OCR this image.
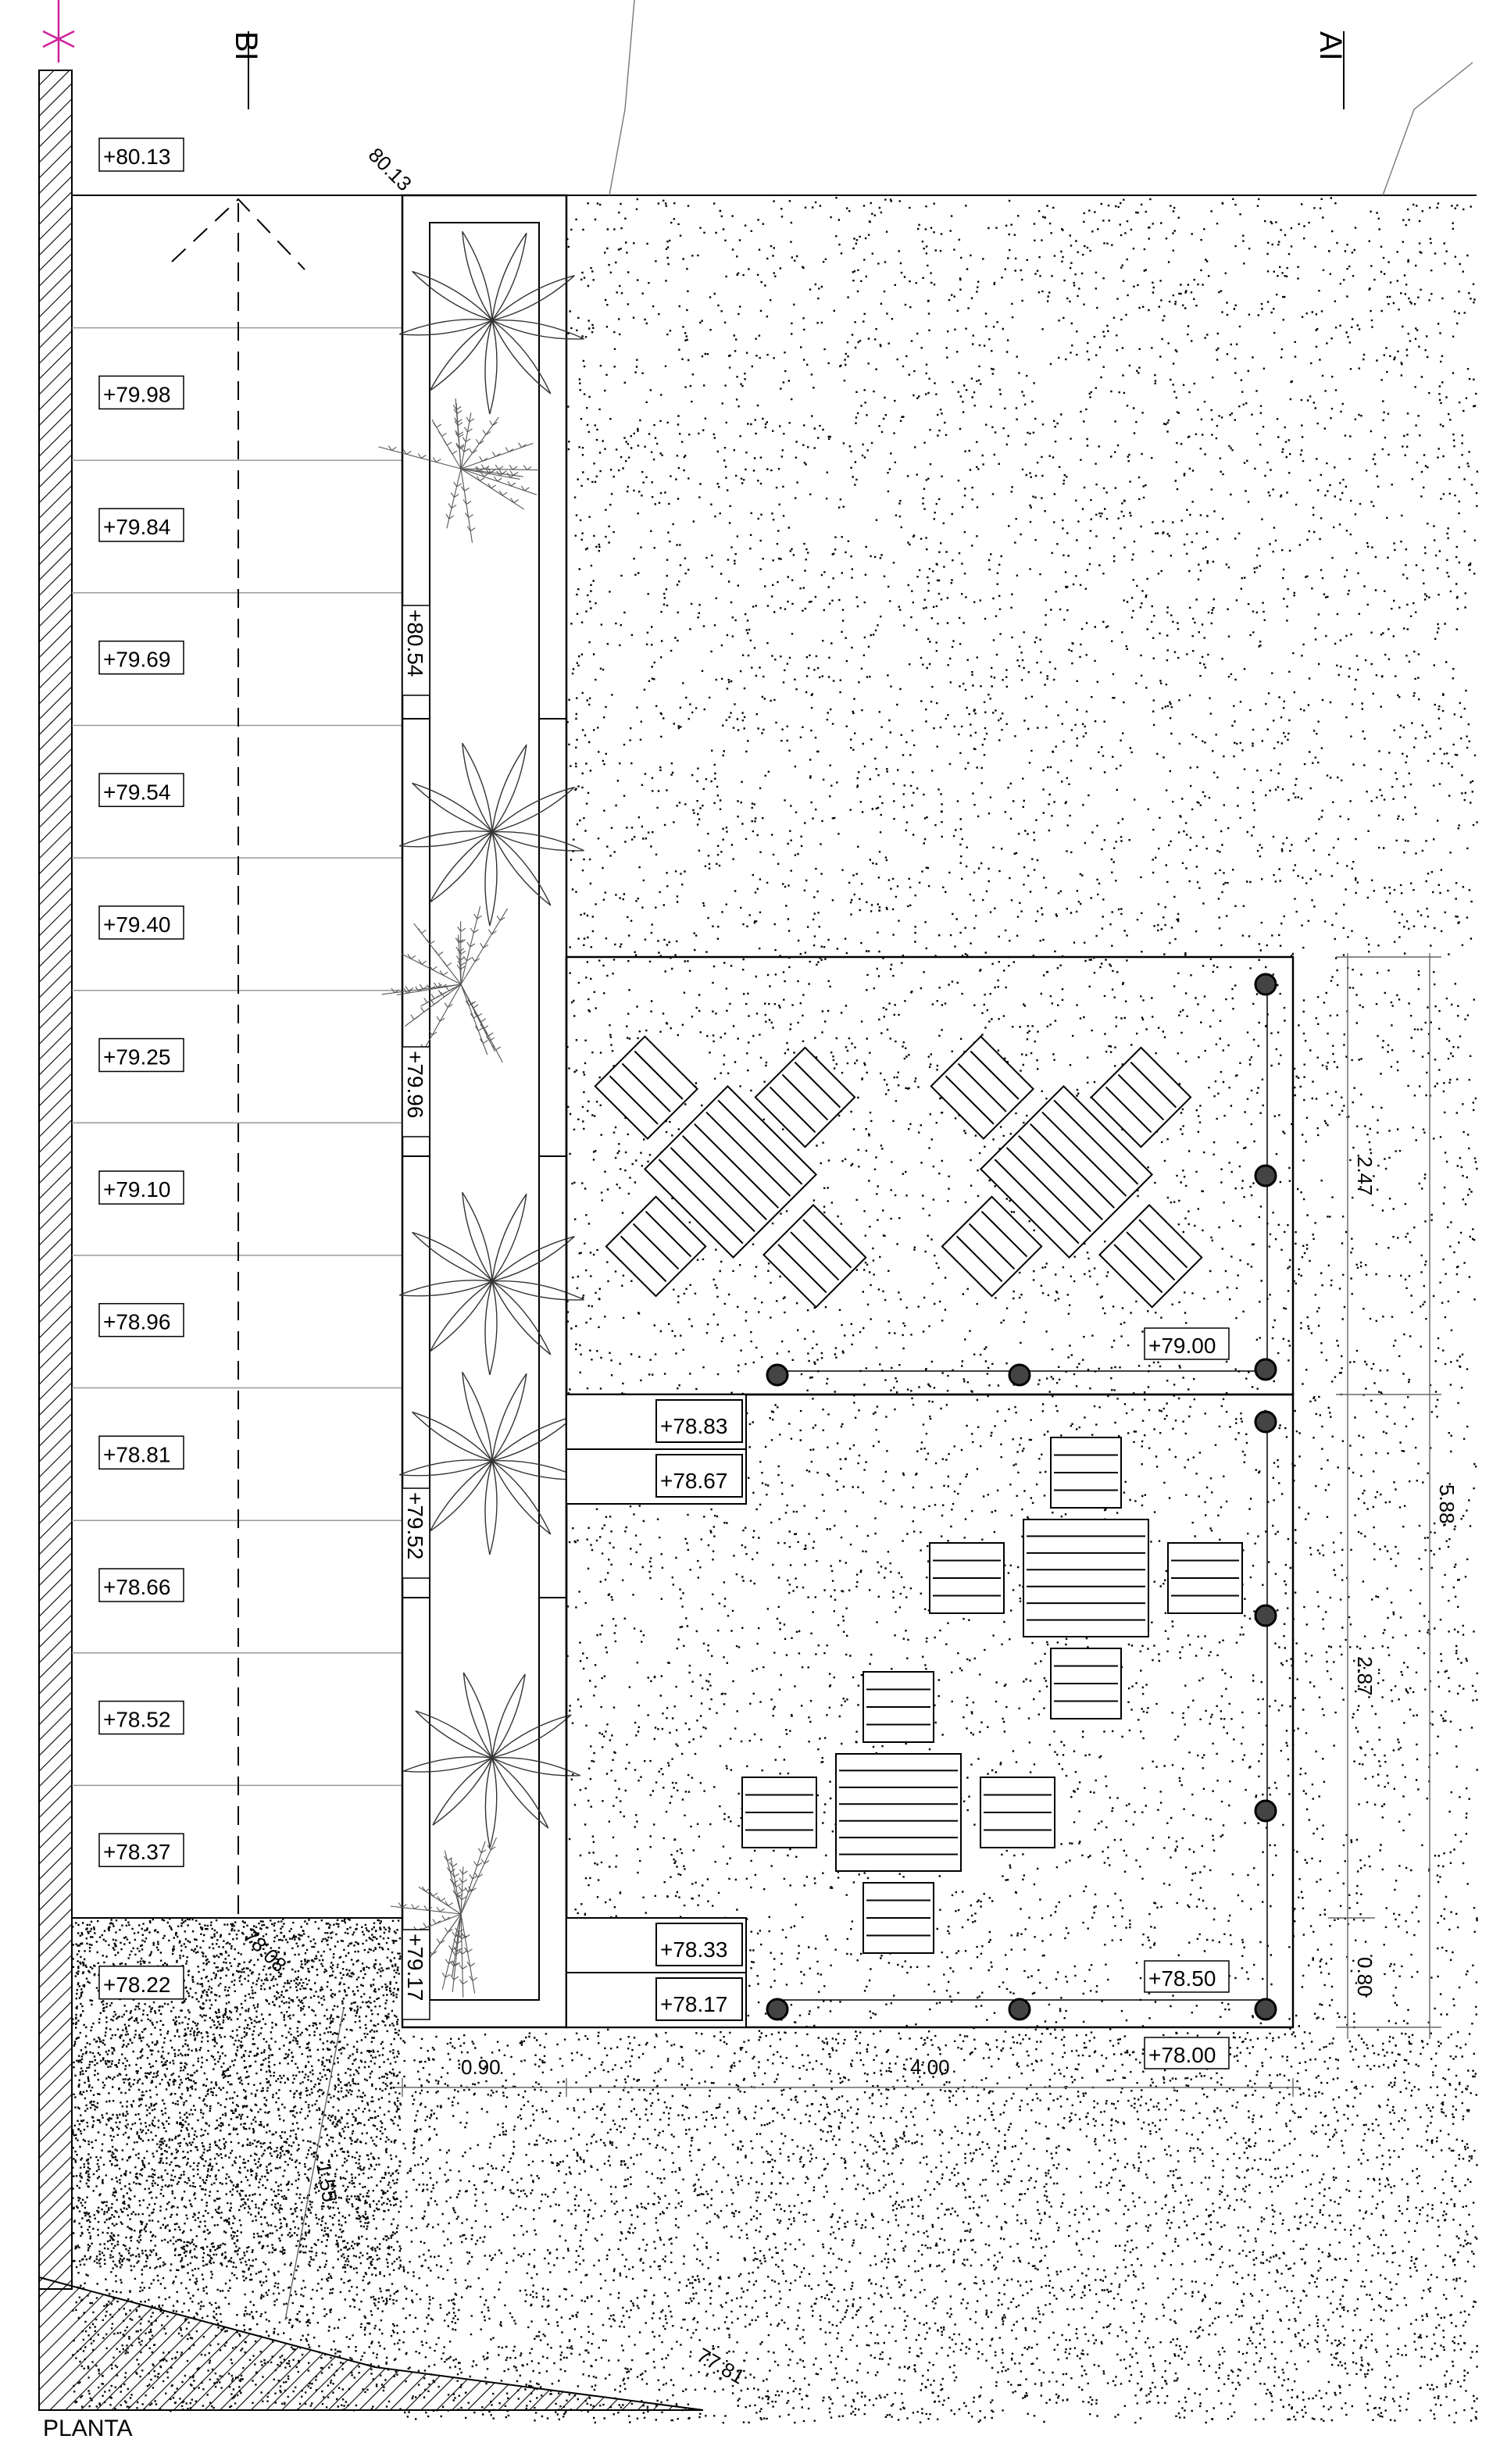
+80.13
+79.98
+79.84
+79.69
+79.54
+79.40
+79.25
+79.10
+78.96
+78.81
+78.66
+78.52
+78.37
+78.22
80.13
BI	AI
+80.54
+79.96
+79.52
+79.17
+79.00
+78.50
+78.83
+78.67
+78.33
+78.17
+78.00
0.90	4.00
2.47
5.88
2.87
0.80
1.55
78.08
77.81
PLANTA
